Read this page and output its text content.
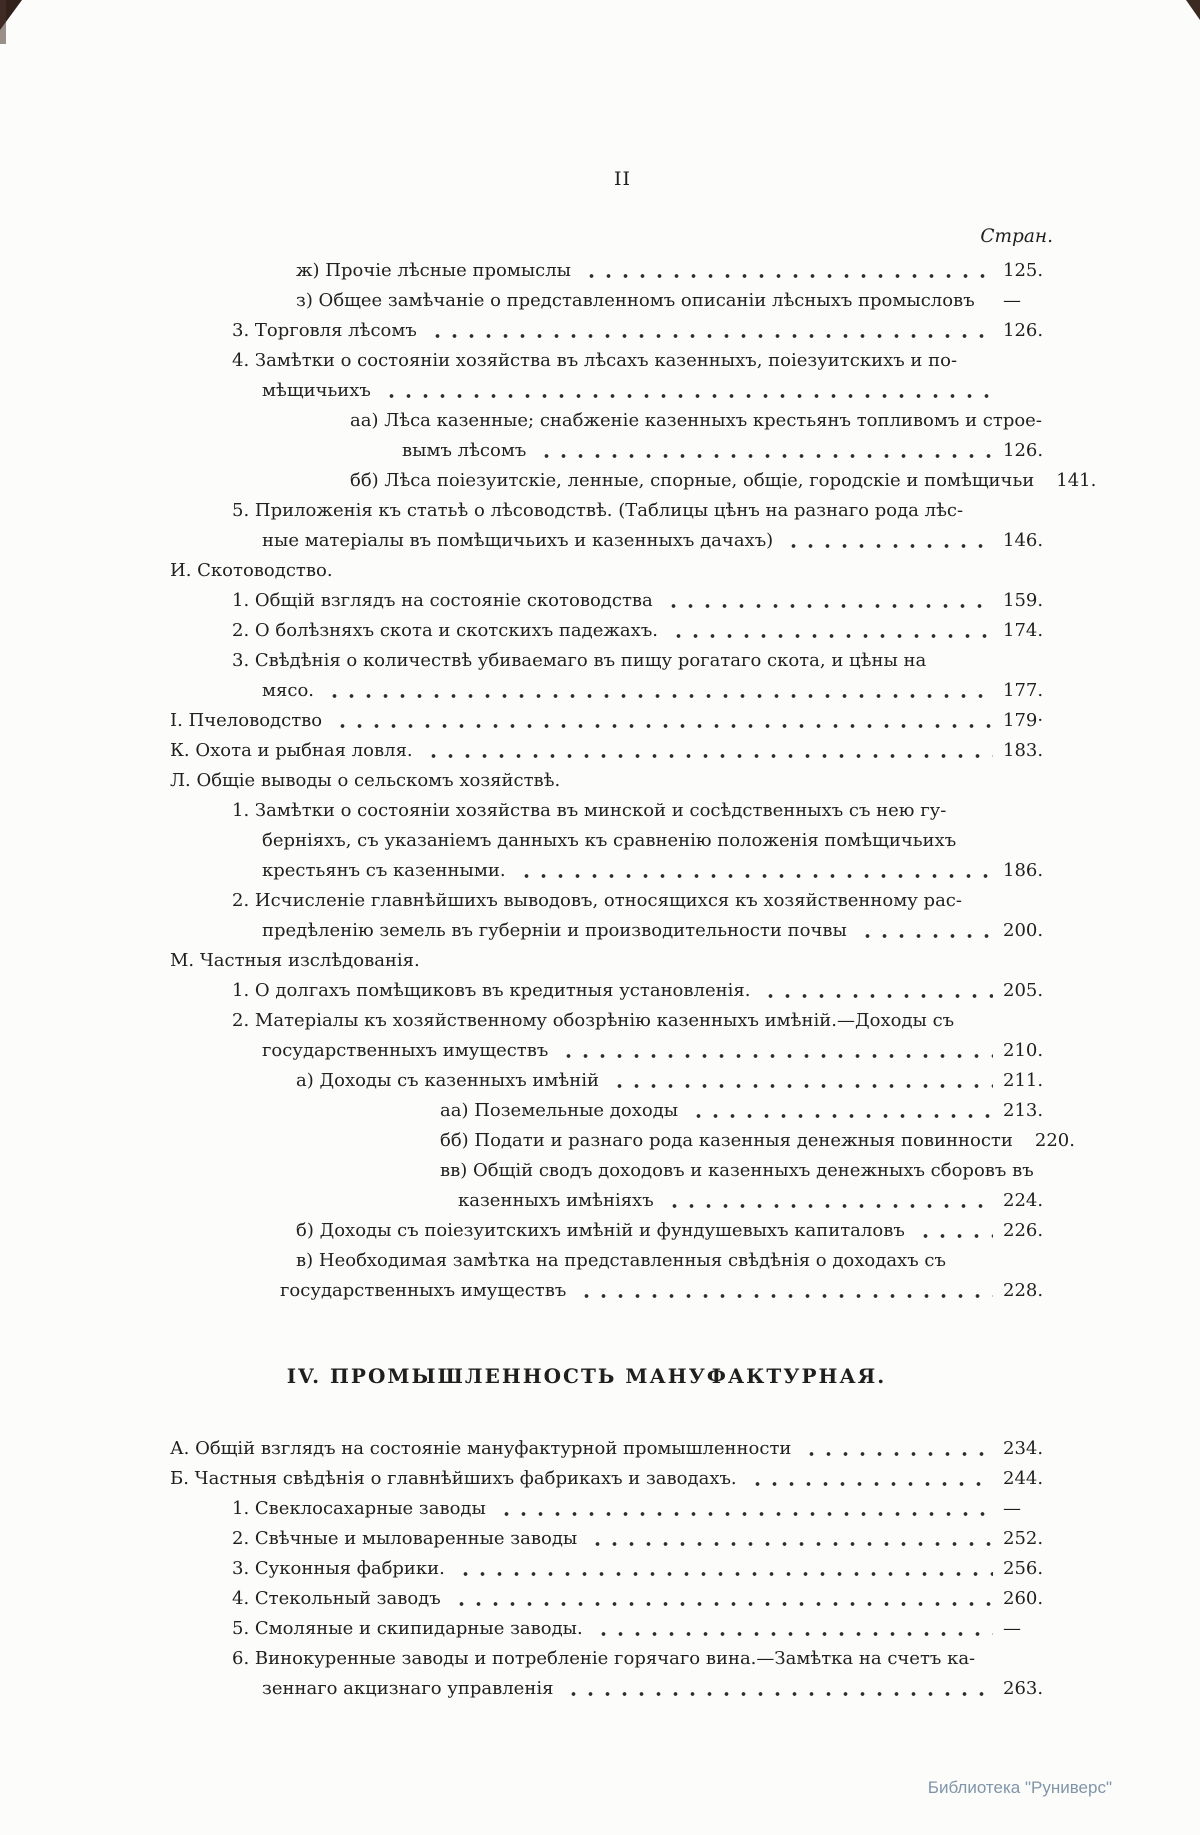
II
Стран.
ж) Прочіе лѣсные промыслы	125.
з) Общее замѣчаніе о представленномъ описаніи лѣсныхъ промысловъ —
3. Торговля лѣсомъ	126.
4. Замѣтки о состояніи хозяйства въ лѣсахъ казенныхъ, поіезуитскихъ и по-
мѣщичьихъ
аа) Лѣса казенные; снабженіе казенныхъ крестьянъ топливомъ и строе-
вымъ лѣсомъ	126.
бб) Лѣса поіезуитскіе, ленные, спорные, общіе, городскіе и помѣщичьи 141.
5. Приложенія къ статьѣ о лѣсоводствѣ. (Таблицы цѣнъ на разнаго рода лѣс-
ные матеріалы въ помѣщичьихъ и казенныхъ дачахъ)	146.
И. Скотоводство.
1. Общій взглядъ на состояніе скотоводства	159.
2. О болѣзняхъ скота и скотскихъ падежахъ.	174.
3. Свѣдѣнія о количествѣ убиваемаго въ пищу рогатаго скота, и цѣны на
мясо.	177.
І. Пчеловодство	179·
К. Охота и рыбная ловля.	183.
Л. Общіе выводы о сельскомъ хозяйствѣ.
1. Замѣтки о состояніи хозяйства въ минской и сосѣдственныхъ съ нею гу-
берніяхъ, съ указаніемъ данныхъ къ сравненію положенія помѣщичьихъ
крестьянъ съ казенными.	186.
2. Исчисленіе главнѣйшихъ выводовъ, относящихся къ хозяйственному рас-
предѣленію земель въ губерніи и производительности почвы	200.
М. Частныя изслѣдованія.
1. О долгахъ помѣщиковъ въ кредитныя установленія.	205.
2. Матеріалы къ хозяйственному обозрѣнію казенныхъ имѣній.—Доходы съ
государственныхъ имуществъ	210.
а) Доходы съ казенныхъ имѣній	211.
аа) Поземельные доходы	213.
бб) Подати и разнаго рода казенныя денежныя повинности 220.
вв) Общій сводъ доходовъ и казенныхъ денежныхъ сборовъ въ
казенныхъ имѣніяхъ	224.
б) Доходы съ поіезуитскихъ имѣній и фундушевыхъ капиталовъ	226.
в) Необходимая замѣтка на представленныя свѣдѣнія о доходахъ съ
государственныхъ имуществъ	228.
IV. ПРОМЫШЛЕННОСТЬ МАНУФАКТУРНАЯ.
А. Общій взглядъ на состояніе мануфактурной промышленности	234.
Б. Частныя свѣдѣнія о главнѣйшихъ фабрикахъ и заводахъ.	244.
1. Свеклосахарные заводы	—
2. Свѣчные и мыловаренные заводы	252.
3. Суконныя фабрики.	256.
4. Стекольный заводъ	260.
5. Смоляные и скипидарные заводы.	—
6. Винокуренные заводы и потребленіе горячаго вина.—Замѣтка на счетъ ка-
зеннаго акцизнаго управленія	263.
Библиотека "Руниверс"
